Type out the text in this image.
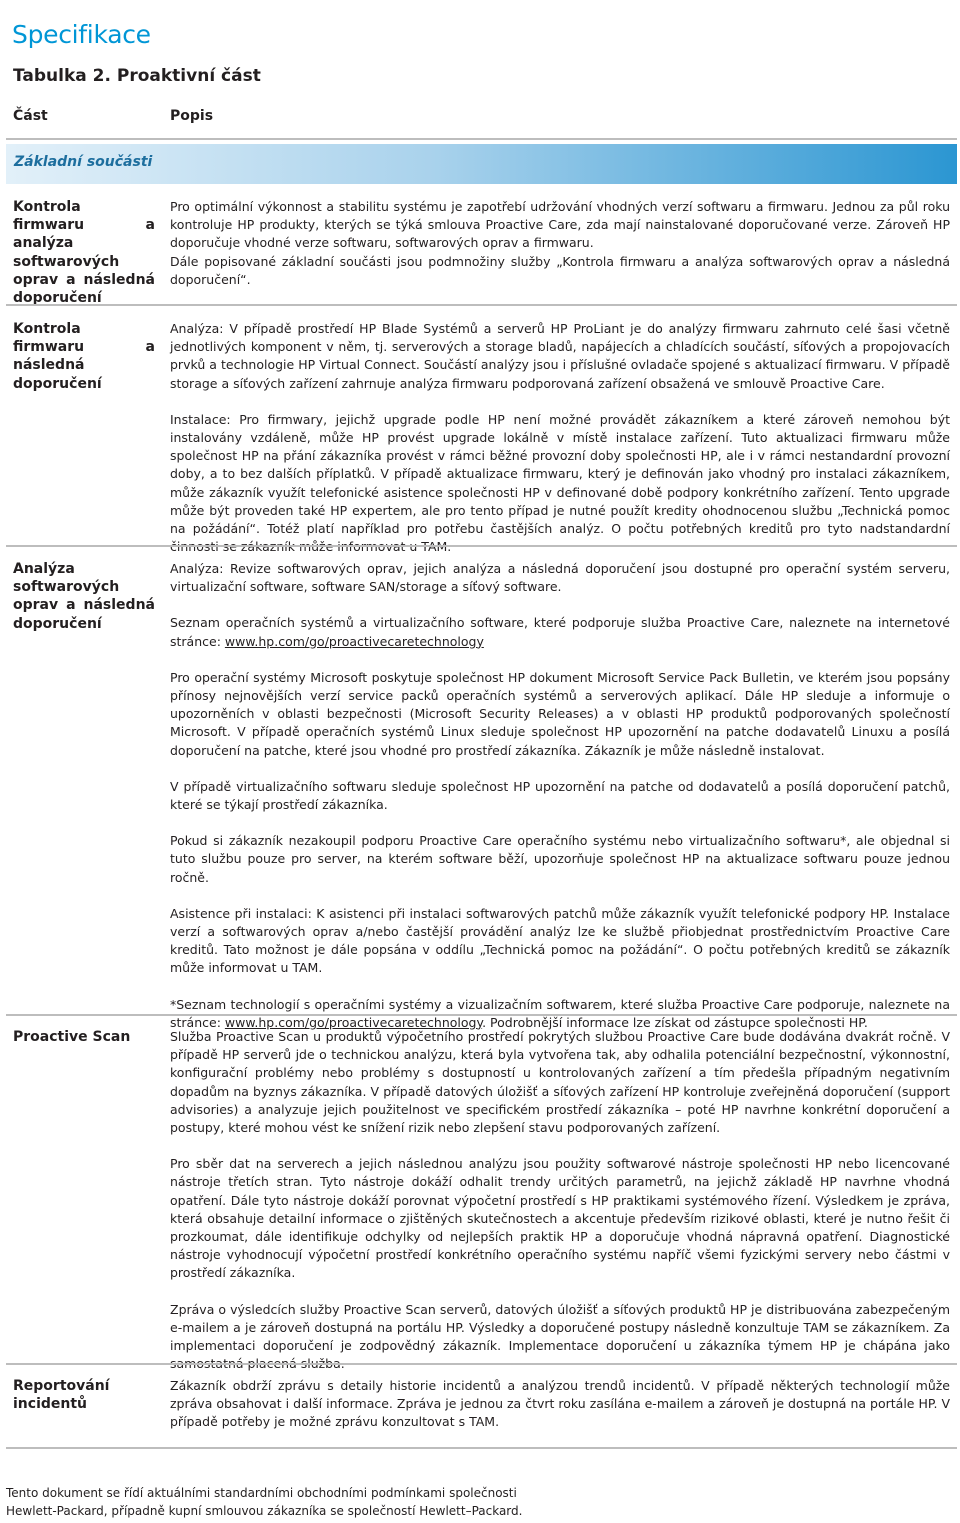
Specifikace
Tabulka 2. Proaktivní část
Část	Popis
Základní součásti
Kontrola firmwaru a analýza softwarových oprav a následná doporučení

Pro optimální výkonnost a stabilitu systému je zapotřebí udržování vhodných verzí softwaru a firmwaru. Jednou za půl roku kontroluje HP produkty, kterých se týká smlouva Proactive Care, zda mají nainstalované doporučované verze. Zároveň HP doporučuje vhodné verze softwaru, softwarových oprav a firmwaru.

Dále popisované základní součásti jsou podmnožiny služby „Kontrola firmwaru a analýza softwarových oprav a následná doporučení“.

Kontrola firmwaru a následná doporučení

Analýza: V případě prostředí HP Blade Systémů a serverů HP ProLiant je do analýzy firmwaru zahrnuto celé šasi včetně jednotlivých komponent v něm, tj. serverových a storage bladů, napájecích a chladících součástí, síťových a propojovacích prvků a technologie HP Virtual Connect. Součástí analýzy jsou i příslušné ovladače spojené s aktualizací firmwaru. V případě storage a síťových zařízení zahrnuje analýza firmwaru podporovaná zařízení obsažená ve smlouvě Proactive Care.

Instalace: Pro firmwary, jejichž upgrade podle HP není možné provádět zákazníkem a které zároveň nemohou být instalovány vzdáleně, může HP provést upgrade lokálně v místě instalace zařízení. Tuto aktualizaci firmwaru může společnost HP na přání zákazníka provést v rámci běžné provozní doby společnosti HP, ale i v rámci nestandardní provozní doby, a to bez dalších příplatků. V případě aktualizace firmwaru, který je definován jako vhodný pro instalaci zákazníkem, může zákazník využít telefonické asistence společnosti HP v definované době podpory konkrétního zařízení. Tento upgrade může být proveden také HP expertem, ale pro tento případ je nutné použít kredity ohodnocenou službu „Technická pomoc na požádání“. Totéž platí například pro potřebu častějších analýz. O počtu potřebných kreditů pro tyto nadstandardní činnosti se zákazník může informovat u TAM.

Analýza softwarových oprav a následná doporučení

Analýza: Revize softwarových oprav, jejich analýza a následná doporučení jsou dostupné pro operační systém serveru, virtualizační software, software SAN/storage a síťový software.

Seznam operačních systémů a virtualizačního software, které podporuje služba Proactive Care, naleznete na internetové stránce: www.hp.com/go/proactivecaretechnology

Pro operační systémy Microsoft poskytuje společnost HP dokument Microsoft Service Pack Bulletin, ve kterém jsou popsány přínosy nejnovějších verzí service packů operačních systémů a serverových aplikací. Dále HP sleduje a informuje o upozorněních v oblasti bezpečnosti (Microsoft Security Releases) a v oblasti HP produktů podporovaných společností Microsoft. V případě operačních systémů Linux sleduje společnost HP upozornění na patche dodavatelů Linuxu a posílá doporučení na patche, které jsou vhodné pro prostředí zákazníka. Zákazník je může následně instalovat.

V případě virtualizačního softwaru sleduje společnost HP upozornění na patche od dodavatelů a posílá doporučení patchů, které se týkají prostředí zákazníka.

Pokud si zákazník nezakoupil podporu Proactive Care operačního systému nebo virtualizačního softwaru*, ale objednal si tuto službu pouze pro server, na kterém software běží, upozorňuje společnost HP na aktualizace softwaru pouze jednou ročně.

Asistence při instalaci: K asistenci při instalaci softwarových patchů může zákazník využít telefonické podpory HP. Instalace verzí a softwarových oprav a/nebo častější provádění analýz lze ke službě přiobjednat prostřednictvím Proactive Care kreditů. Tato možnost je dále popsána v oddílu „Technická pomoc na požádání“. O počtu potřebných kreditů se zákazník může informovat u TAM.

*Seznam technologií s operačními systémy a vizualizačním softwarem, které služba Proactive Care podporuje, naleznete na stránce: www.hp.com/go/proactivecaretechnology. Podrobnější informace lze získat od zástupce společnosti HP.

Proactive Scan	Služba Proactive Scan u produktů výpočetního prostředí pokrytých službou Proactive Care bude dodávána dvakrát ročně. V případě HP serverů jde o technickou analýzu, která byla vytvořena tak, aby odhalila potenciální bezpečnostní, výkonnostní, konfigurační problémy nebo problémy s dostupností u kontrolovaných zařízení a tím předešla případným negativním dopadům na byznys zákazníka. V případě datových úložišť a síťových zařízení HP kontroluje zveřejněná doporučení (support advisories) a analyzuje jejich použitelnost ve specifickém prostředí zákazníka – poté HP navrhne konkrétní doporučení a postupy, které mohou vést ke snížení rizik nebo zlepšení stavu podporovaných zařízení.

Pro sběr dat na serverech a jejich následnou analýzu jsou použity softwarové nástroje společnosti HP nebo licencované nástroje třetích stran. Tyto nástroje dokáží odhalit trendy určitých parametrů, na jejichž základě HP navrhne vhodná opatření. Dále tyto nástroje dokáží porovnat výpočetní prostředí s HP praktikami systémového řízení. Výsledkem je zpráva, která obsahuje detailní informace o zjištěných skutečnostech a akcentuje především rizikové oblasti, které je nutno řešit či prozkoumat, dále identifikuje odchylky od nejlepších praktik HP a doporučuje vhodná nápravná opatření. Diagnostické nástroje vyhodnocují výpočetní prostředí konkrétního operačního systému napříč všemi fyzickými servery nebo částmi v prostředí zákazníka.

Zpráva o výsledcích služby Proactive Scan serverů, datových úložišť a síťových produktů HP je distribuována zabezpečeným e-mailem a je zároveň dostupná na portálu HP. Výsledky a doporučené postupy následně konzultuje TAM se zákazníkem. Za implementaci doporučení je zodpovědný zákazník. Implementace doporučení u zákazníka týmem HP je chápána jako samostatná placená služba.

Reportování incidentů

Zákazník obdrží zprávu s detaily historie incidentů a analýzou trendů incidentů. V případě některých technologií může zpráva obsahovat i další informace. Zpráva je jednou za čtvrt roku zasílána e-mailem a zároveň je dostupná na portále HP. V případě potřeby je možné zprávu konzultovat s TAM.

Tento dokument se řídí aktuálními standardními obchodními podmínkami společnosti
Hewlett-Packard, případně kupní smlouvou zákazníka se společností Hewlett–Packard.
